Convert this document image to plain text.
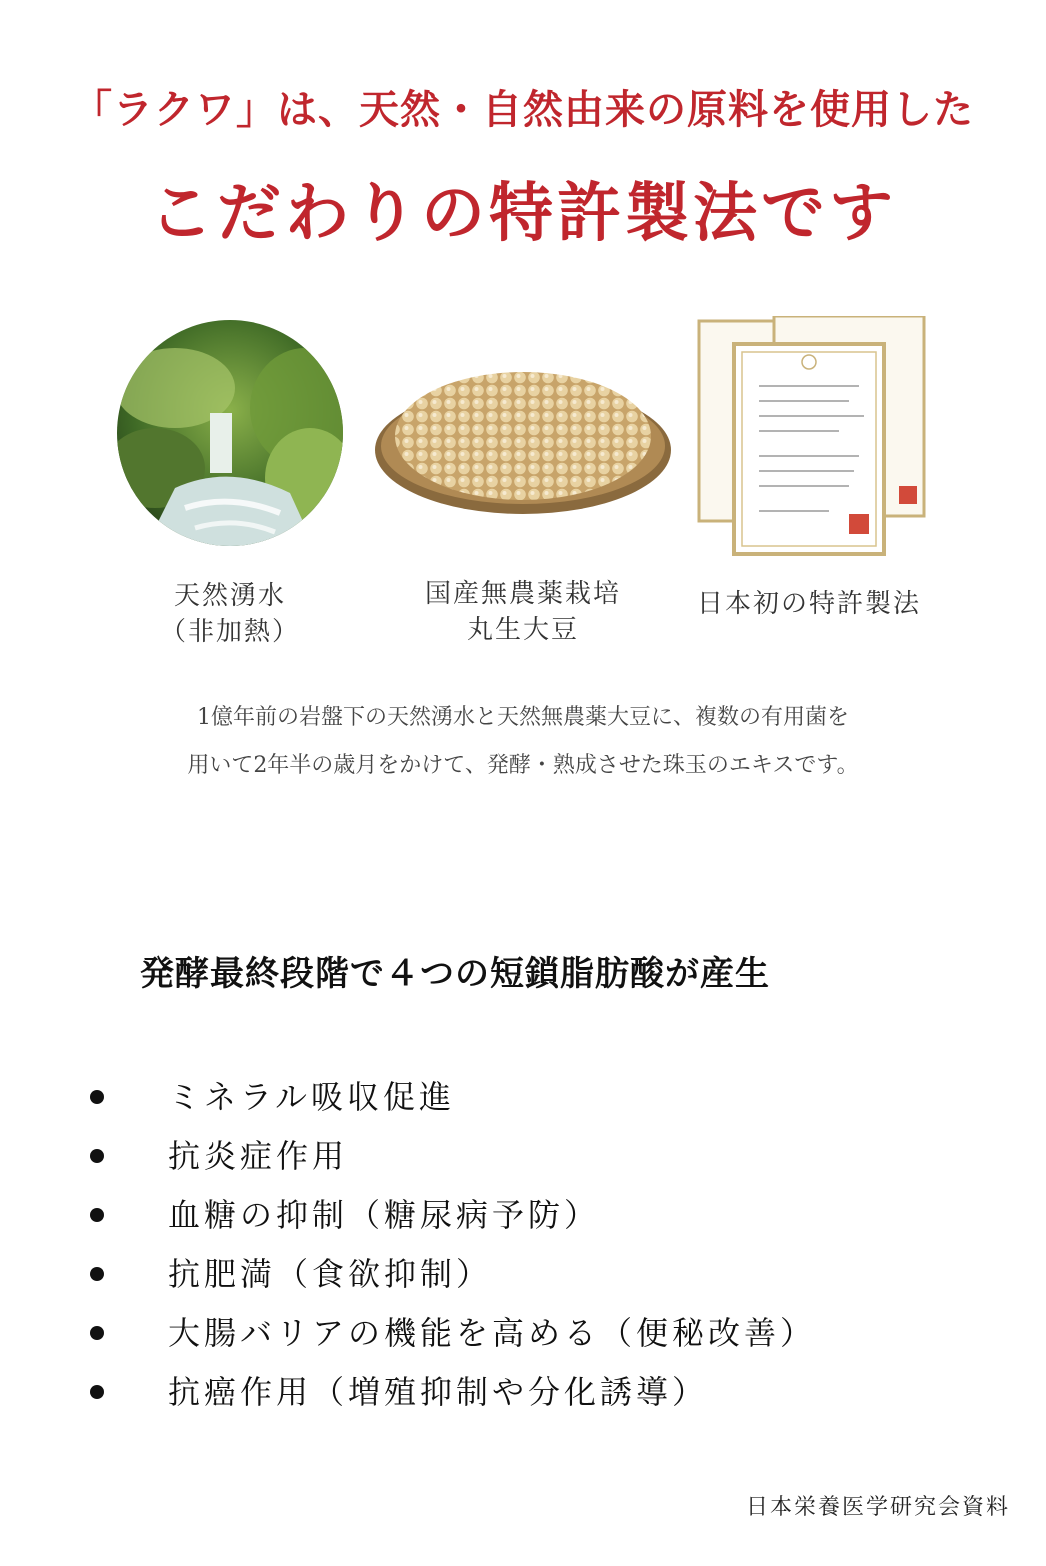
「ラクワ」は、天然・自然由来の原料を使用した
こだわりの特許製法です
天然湧水
（非加熱）
国産無農薬栽培
丸生大豆
日本初の特許製法
1億年前の岩盤下の天然湧水と天然無農薬大豆に、複数の有用菌を
用いて2年半の歳月をかけて、発酵・熟成させた珠玉のエキスです。
発酵最終段階で４つの短鎖脂肪酸が産生
ミネラル吸収促進
抗炎症作用
血糖の抑制（糖尿病予防）
抗肥満（食欲抑制）
大腸バリアの機能を高める（便秘改善）
抗癌作用（増殖抑制や分化誘導）
日本栄養医学研究会資料
